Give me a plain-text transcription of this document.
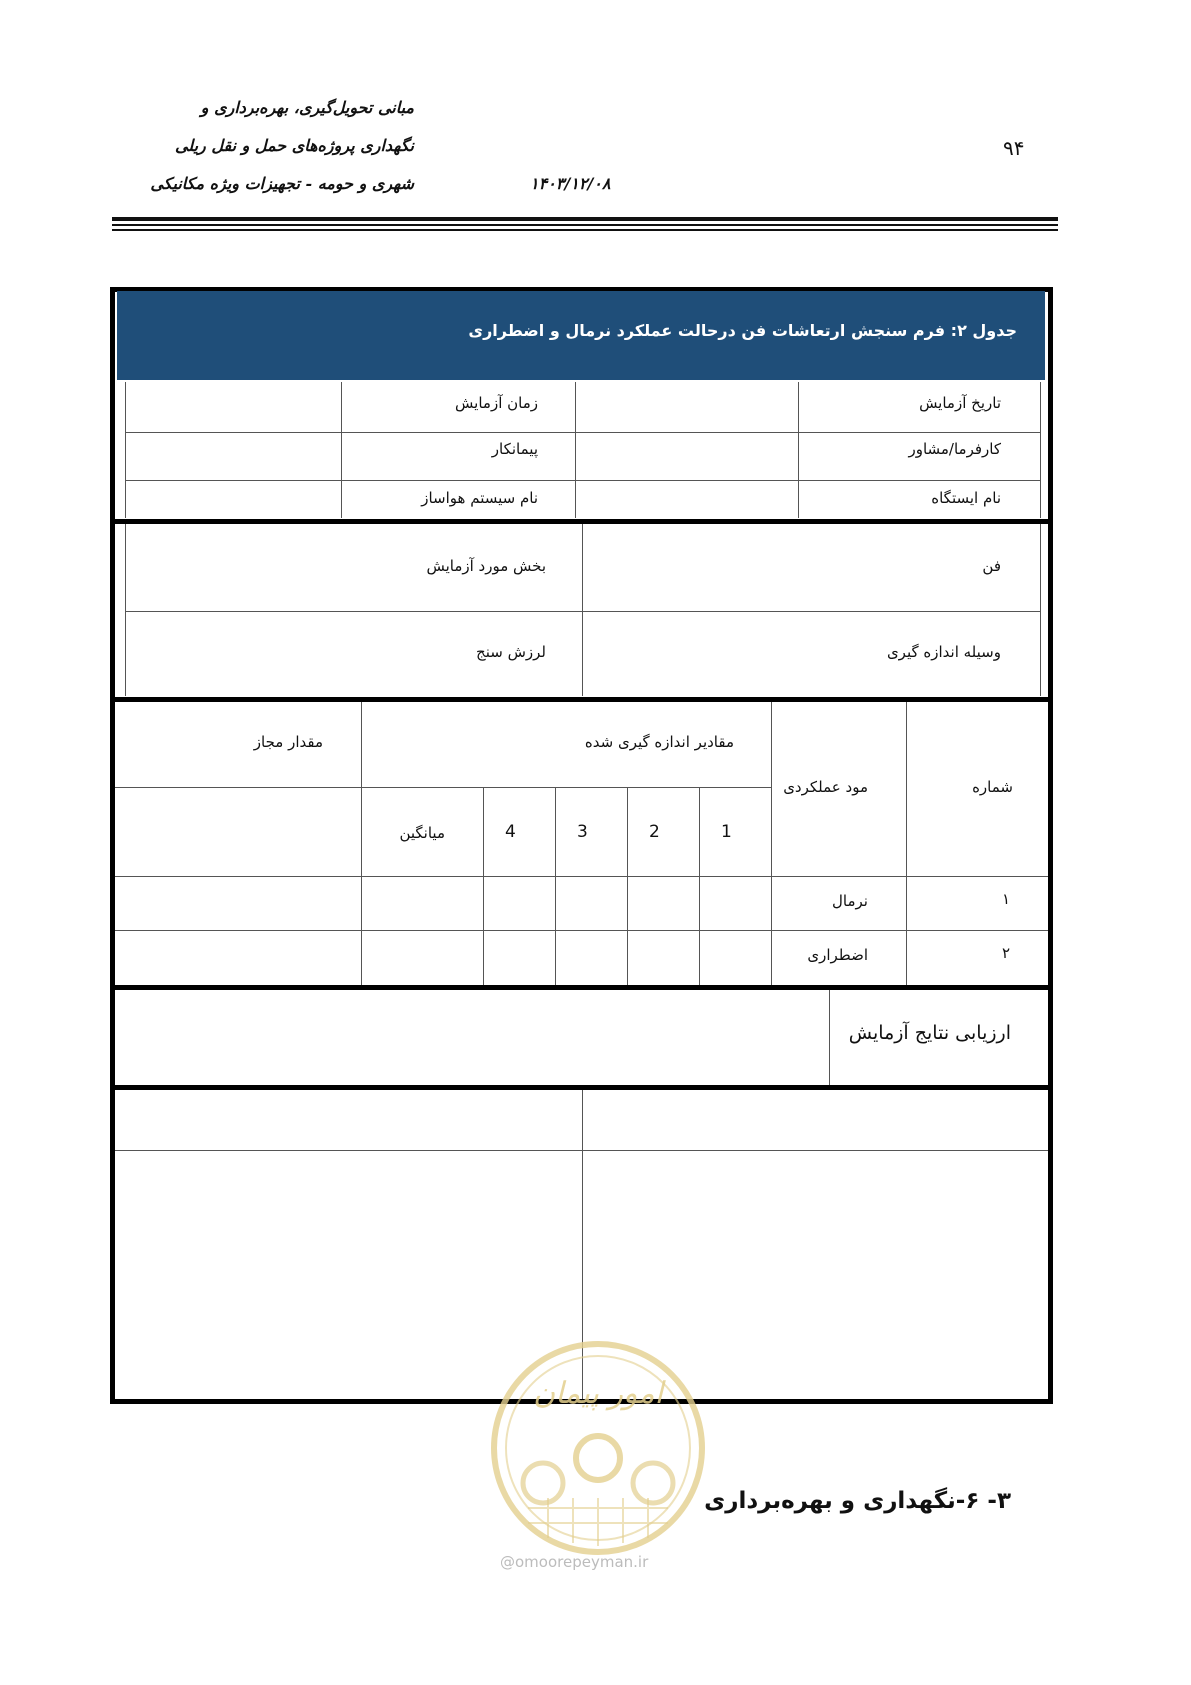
مبانی تحویل‌گیری، بهره‌برداری و
نگهداری پروژه‌های حمل و نقل ریلی
شهری و حومه - تجهیزات ویژه مکانیکی	۱۴۰۳/۱۲/۰۸
۹۴
جدول ۲: فرم سنجش ارتعاشات فن درحالت عملکرد نرمال و اضطراری
تاریخ آزمایش
زمان آزمایش
کارفرما/مشاور
پیمانکار
نام ایستگاه
نام سیستم هواساز
فن
بخش مورد آزمایش
وسیله اندازه گیری
لرزش سنج
شماره
مود عملکردی
مقادیر اندازه گیری شده
مقدار مجاز
1
2
3
4
میانگین
۱
نرمال
۲
اضطراری
ارزیابی نتایج آزمایش
امور پیمان
@omoorepeyman.ir
۳- ۶-نگهداری و بهره‌برداری
